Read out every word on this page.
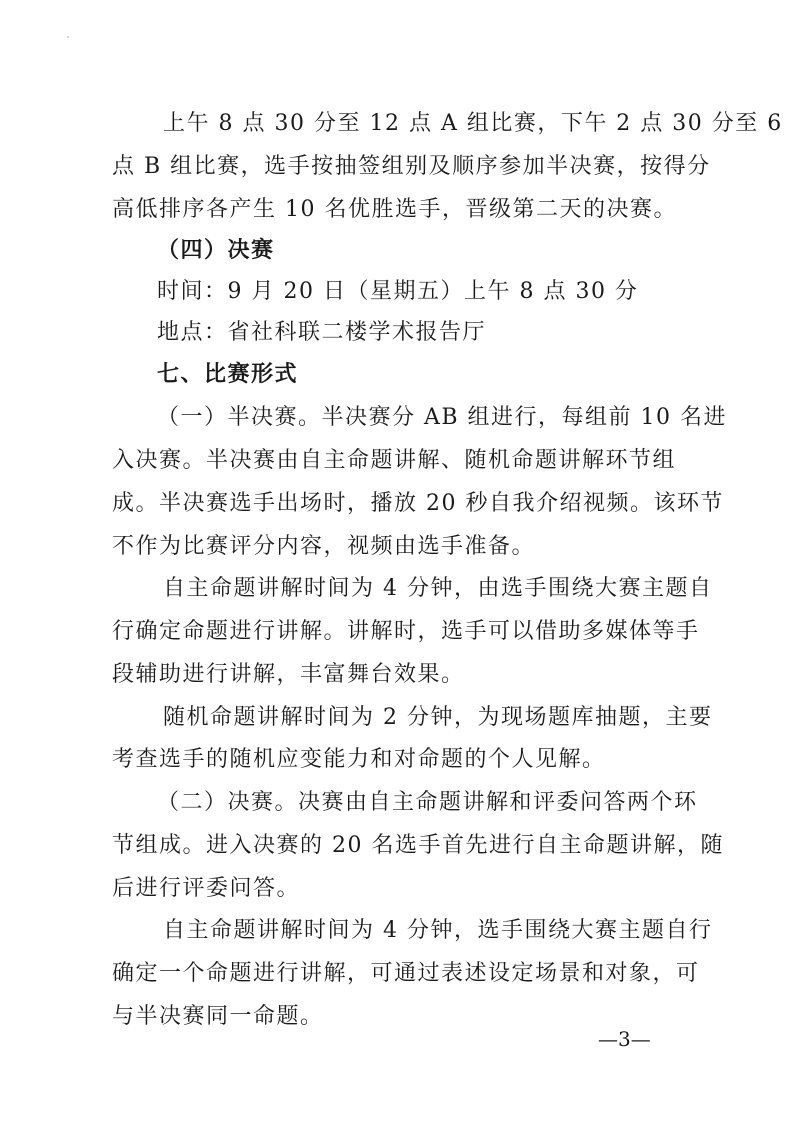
上午 8 点 30 分至 12 点 A 组比赛，下午 2 点 30 分至 6
点 B 组比赛，选手按抽签组别及顺序参加半决赛，按得分
高低排序各产生 10 名优胜选手，晋级第二天的决赛。
（四）决赛
时间：9 月 20 日（星期五）上午 8 点 30 分
地点：省社科联二楼学术报告厅
七、比赛形式
（一）半决赛。半决赛分 AB 组进行，每组前 10 名进
入决赛。半决赛由自主命题讲解、随机命题讲解环节组
成。半决赛选手出场时，播放 20 秒自我介绍视频。该环节
不作为比赛评分内容，视频由选手准备。
自主命题讲解时间为 4 分钟，由选手围绕大赛主题自
行确定命题进行讲解。讲解时，选手可以借助多媒体等手
段辅助进行讲解，丰富舞台效果。
随机命题讲解时间为 2 分钟，为现场题库抽题，主要
考查选手的随机应变能力和对命题的个人见解。
（二）决赛。决赛由自主命题讲解和评委问答两个环
节组成。进入决赛的 20 名选手首先进行自主命题讲解，随
后进行评委问答。
自主命题讲解时间为 4 分钟，选手围绕大赛主题自行
确定一个命题进行讲解，可通过表述设定场景和对象，可
与半决赛同一命题。
—3—
